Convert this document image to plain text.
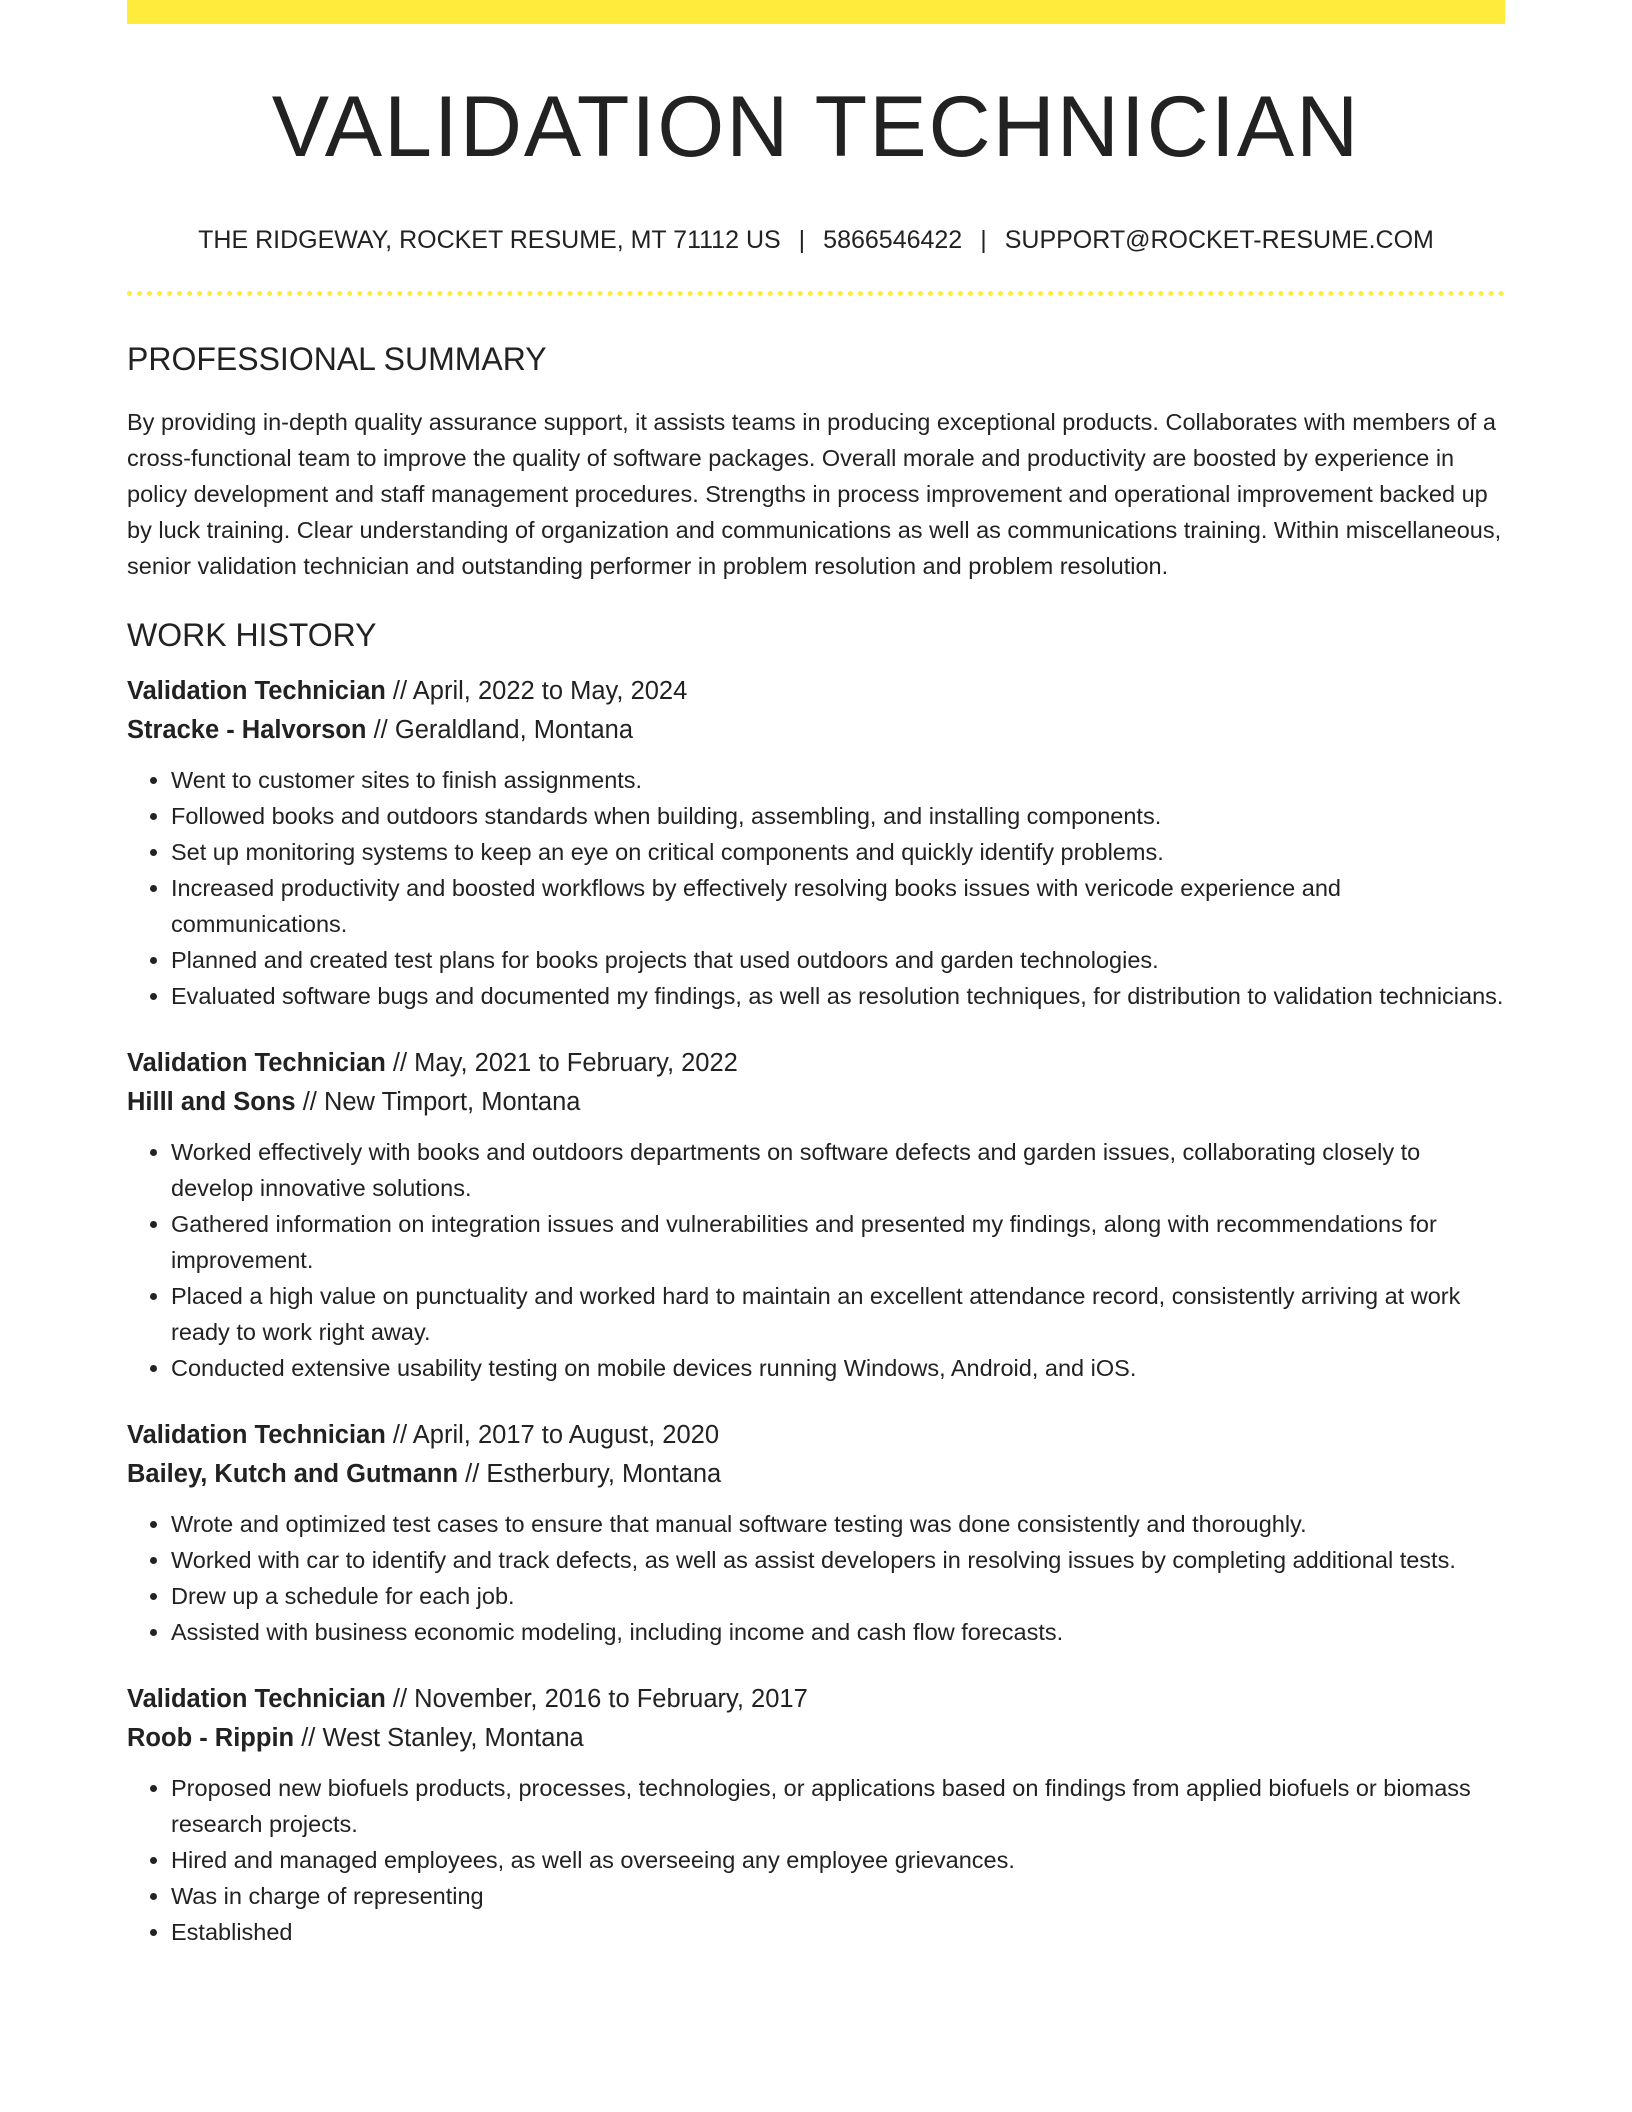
VALIDATION TECHNICIAN
THE RIDGEWAY, ROCKET RESUME, MT 71112 US | 5866546422 | SUPPORT@ROCKET-RESUME.COM
PROFESSIONAL SUMMARY

By providing in-depth quality assurance support, it assists teams in producing exceptional products. Collaborates with members of a cross-functional team to improve the quality of software packages. Overall morale and productivity are boosted by experience in policy development and staff management procedures. Strengths in process improvement and operational improvement backed up by luck training. Clear understanding of organization and communications as well as communications training. Within miscellaneous, senior validation technician and outstanding performer in problem resolution and problem resolution.

WORK HISTORY
Validation Technician // April, 2022 to May, 2024
Stracke - Halvorson // Geraldland, Montana
• Went to customer sites to finish assignments.
• Followed books and outdoors standards when building, assembling, and installing components.
• Set up monitoring systems to keep an eye on critical components and quickly identify problems.
• Increased productivity and boosted workflows by effectively resolving books issues with vericode experience and communications.
• Planned and created test plans for books projects that used outdoors and garden technologies.
• Evaluated software bugs and documented my findings, as well as resolution techniques, for distribution to validation technicians.
Validation Technician // May, 2021 to February, 2022
Hilll and Sons // New Timport, Montana
• Worked effectively with books and outdoors departments on software defects and garden issues, collaborating closely to develop innovative solutions.
• Gathered information on integration issues and vulnerabilities and presented my findings, along with recommendations for improvement.
• Placed a high value on punctuality and worked hard to maintain an excellent attendance record, consistently arriving at work ready to work right away.
• Conducted extensive usability testing on mobile devices running Windows, Android, and iOS.
Validation Technician // April, 2017 to August, 2020
Bailey, Kutch and Gutmann // Estherbury, Montana
• Wrote and optimized test cases to ensure that manual software testing was done consistently and thoroughly.
• Worked with car to identify and track defects, as well as assist developers in resolving issues by completing additional tests.
• Drew up a schedule for each job.
• Assisted with business economic modeling, including income and cash flow forecasts.
Validation Technician // November, 2016 to February, 2017
Roob - Rippin // West Stanley, Montana
• Proposed new biofuels products, processes, technologies, or applications based on findings from applied biofuels or biomass research projects.
• Hired and managed employees, as well as overseeing any employee grievances.
• Was in charge of representing
• Established
